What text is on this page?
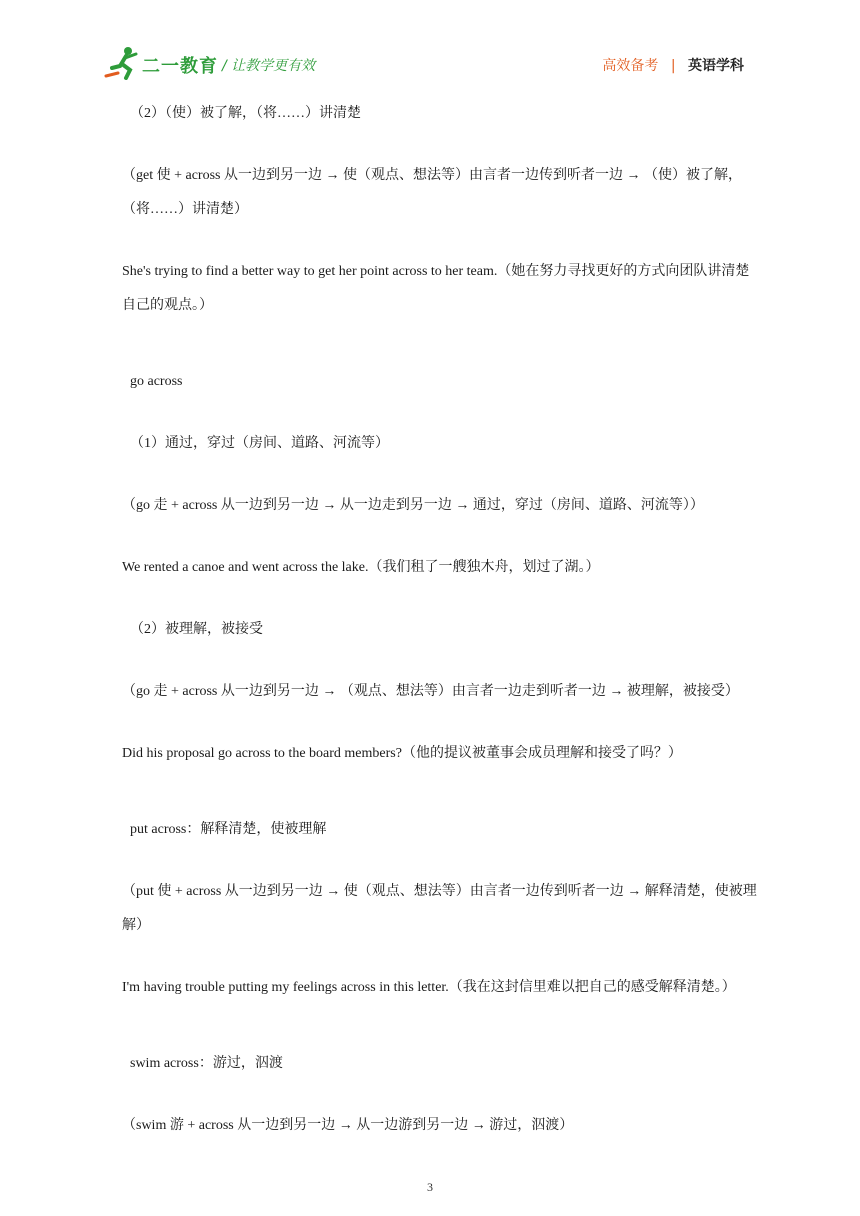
二一教育 / 让教学更有效	高效备考 | 英语学科

（2）（使）被了解，（将……）讲清楚

（get 使 + across 从一边到另一边 → 使（观点、想法等）由言者一边传到听者一边 → （使）被了解，（将……）讲清楚）

She's trying to find a better way to get her point across to her team.（她在努力寻找更好的方式向团队讲清楚自己的观点。）

go across

（1）通过，穿过（房间、道路、河流等）

（go 走 + across 从一边到另一边 → 从一边走到另一边 → 通过，穿过（房间、道路、河流等））

We rented a canoe and went across the lake.（我们租了一艘独木舟，划过了湖。）

（2）被理解，被接受

（go 走 + across 从一边到另一边 → （观点、想法等）由言者一边走到听者一边 → 被理解，被接受）

Did his proposal go across to the board members?（他的提议被董事会成员理解和接受了吗？）

put across：解释清楚，使被理解

（put 使 + across 从一边到另一边 → 使（观点、想法等）由言者一边传到听者一边 → 解释清楚，使被理解）

I'm having trouble putting my feelings across in this letter.（我在这封信里难以把自己的感受解释清楚。）

swim across：游过，泅渡

（swim 游 + across 从一边到另一边 → 从一边游到另一边 → 游过，泅渡）

3
